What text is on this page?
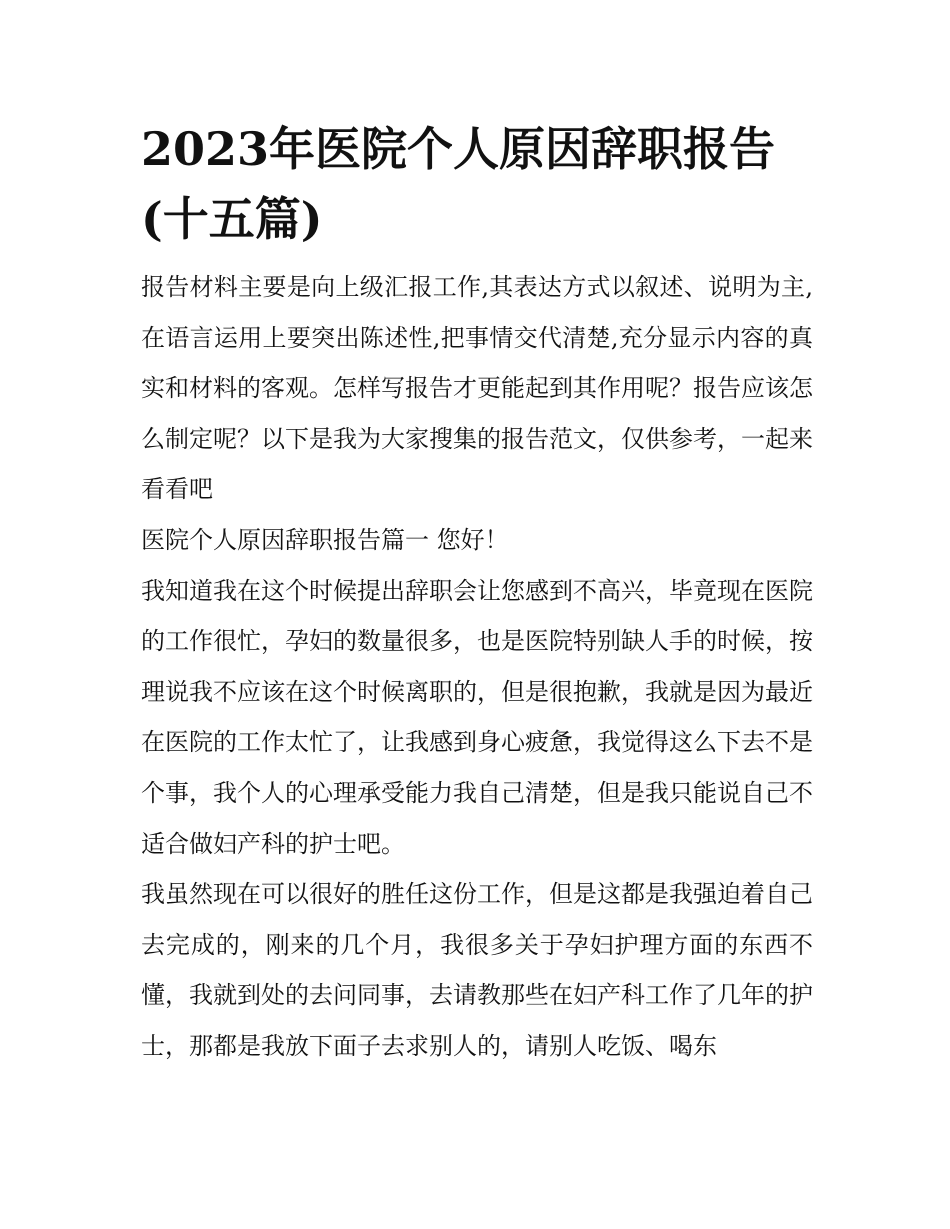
2023年医院个人原因辞职报告(十五篇)

报告材料主要是向上级汇报工作,其表达方式以叙述、说明为主,在语言运用上要突出陈述性,把事情交代清楚,充分显示内容的真实和材料的客观。怎样写报告才更能起到其作用呢？报告应该怎么制定呢？以下是我为大家搜集的报告范文，仅供参考，一起来看看吧

医院个人原因辞职报告篇一 您好！

我知道我在这个时候提出辞职会让您感到不高兴，毕竟现在医院的工作很忙，孕妇的数量很多，也是医院特别缺人手的时候，按理说我不应该在这个时候离职的，但是很抱歉，我就是因为最近在医院的工作太忙了，让我感到身心疲惫，我觉得这么下去不是个事，我个人的心理承受能力我自己清楚，但是我只能说自己不适合做妇产科的护士吧。

我虽然现在可以很好的胜任这份工作，但是这都是我强迫着自己去完成的，刚来的几个月，我很多关于孕妇护理方面的东西不懂，我就到处的去问同事，去请教那些在妇产科工作了几年的护士，那都是我放下面子去求别人的，请别人吃饭、喝东
